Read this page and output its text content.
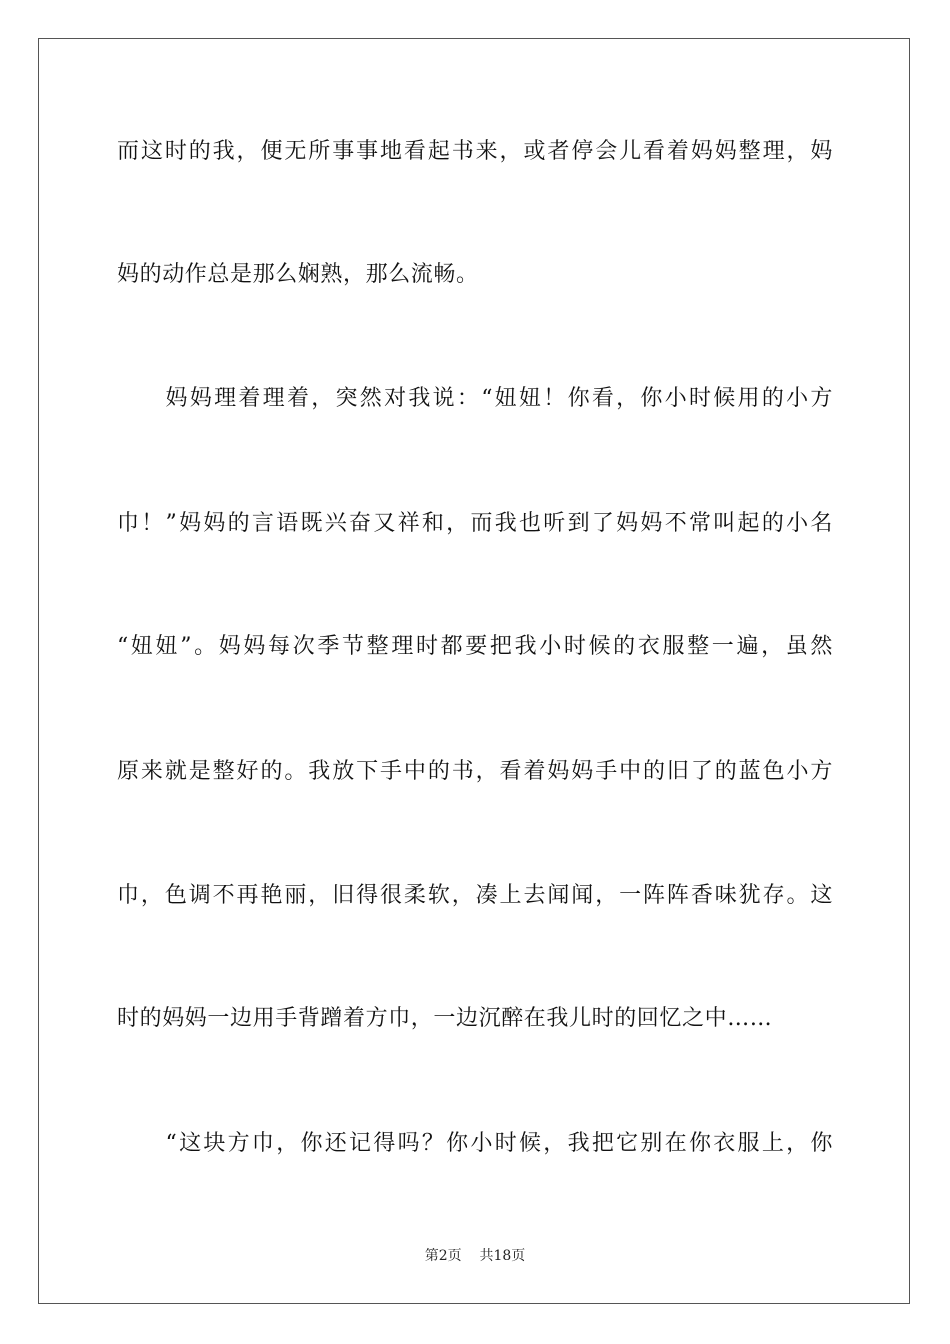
而这时的我，便无所事事地看起书来，或者停会儿看着妈妈整理，妈
妈的动作总是那么娴熟，那么流畅。
　　妈妈理着理着，突然对我说：“妞妞！你看，你小时候用的小方
巾！”妈妈的言语既兴奋又祥和，而我也听到了妈妈不常叫起的小名
“妞妞”。妈妈每次季节整理时都要把我小时候的衣服整一遍，虽然
原来就是整好的。我放下手中的书，看着妈妈手中的旧了的蓝色小方
巾，色调不再艳丽，旧得很柔软，凑上去闻闻，一阵阵香味犹存。这
时的妈妈一边用手背蹭着方巾，一边沉醉在我儿时的回忆之中……
　　“这块方巾，你还记得吗？你小时候，我把它别在你衣服上，你
第2页 共18页
